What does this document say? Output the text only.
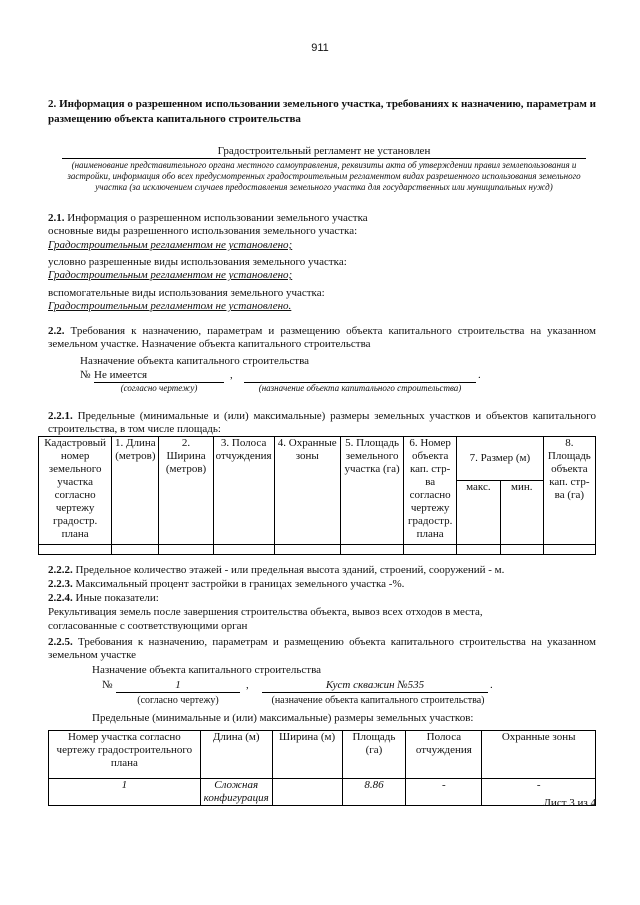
911
2. Информация о разрешенном использовании земельного участка, требованиях к назначению, параметрам и размещению объекта капитального строительства
Градостроительный регламент не установлен
(наименование представительного органа местного самоуправления, реквизиты акта об утверждении правил землепользования и застройки, информация обо всех предусмотренных градостроительным регламентом видах разрешенного использования земельного участка (за исключением случаев предоставления земельного участка для государственных или муниципальных нужд)
2.1. Информация о разрешенном использовании земельного участка
основные виды разрешенного использования земельного участка:
Градостроительным регламентом не установлено;
условно разрешенные виды использования земельного участка:
Градостроительным регламентом не установлено;
вспомогательные виды использования земельного участка:
Градостроительным регламентом не установлено.
2.2. Требования к назначению, параметрам и размещению объекта капитального строительства на указанном земельном участке. Назначение объекта капитального строительства
Назначение объекта капитального строительства
№ Не имеется	,	.
(согласно чертежу)	(назначение объекта капитального строительства)
2.2.1. Предельные (минимальные и (или) максимальные) размеры земельных участков и объектов капитального строительства, в том числе площадь:
Кадастровый номер земельного участка согласно чертежу градостр. плана	1. Длина (метров)	2. Ширина (метров)	3. Полоса отчуждения	4. Охранные зоны	5. Площадь земельного участка (га)	6. Номер объекта кап. стр-ва согласно чертежу градостр. плана	7. Размер (м)		8. Площадь объекта кап. стр-ва (га)
							макс.	мин.	

2.2.2. Предельное количество этажей - или предельная высота зданий, строений, сооружений - м.
2.2.3. Максимальный процент застройки в границах земельного участка -%.
2.2.4. Иные показатели:
Рекультивация земель после завершения строительства объекта, вывоз всех отходов в места,
согласованные с соответствующими орган
2.2.5. Требования к назначению, параметрам и размещению объекта капитального строительства на указанном земельном участке
Назначение объекта капитального строительства
№	1	,	Куст скважин №535	.
(согласно чертежу)	(назначение объекта капитального строительства)
Предельные (минимальные и (или) максимальные) размеры земельных участков:
Номер участка согласно чертежу градостроительного плана	Длина (м)	Ширина (м)	Площадь (га)	Полоса отчуждения	Охранные зоны
1	Сложная конфигурация		8.86	-	-
Лист 3 из 4
